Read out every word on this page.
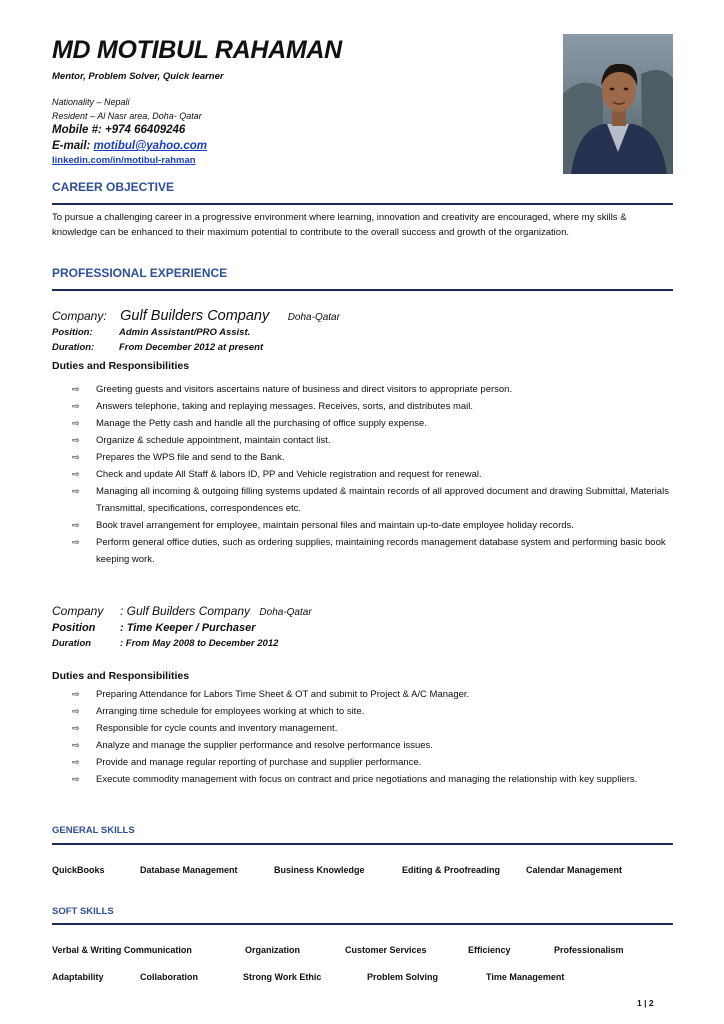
MD MOTIBUL RAHAMAN
Mentor, Problem Solver, Quick learner
Nationality – Nepali
Resident – Al Nasr area, Doha- Qatar
Mobile #: +974 66409246
E-mail: motibul@yahoo.com
linkedin.com/in/motibul-rahman
CAREER OBJECTIVE
To pursue a challenging career in a progressive environment where learning, innovation and creativity are encouraged, where my skills & knowledge can be enhanced to their maximum potential to contribute to the overall success and growth of the organization.
PROFESSIONAL EXPERIENCE
Company: Gulf Builders Company Doha-Qatar
Position:	Admin Assistant/PRO Assist.
Duration:	From December 2012 at present
Duties and Responsibilities
⇨ Greeting guests and visitors ascertains nature of business and direct visitors to appropriate person.
⇨ Answers telephone, taking and replaying messages. Receives, sorts, and distributes mail.
⇨ Manage the Petty cash and handle all the purchasing of office supply expense.
⇨ Organize & schedule appointment, maintain contact list.
⇨ Prepares the WPS file and send to the Bank.
⇨ Check and update All Staff & labors ID, PP and Vehicle registration and request for renewal.
⇨ Managing all incoming & outgoing filling systems updated & maintain records of all approved document and drawing Submittal, Materials Transmittal, specifications, correspondences etc.
⇨ Book travel arrangement for employee, maintain personal files and maintain up-to-date employee holiday records.
⇨ Perform general office duties, such as ordering supplies, maintaining records management database system and performing basic book keeping work.
Company : Gulf Builders Company Doha-Qatar
Position : Time Keeper / Purchaser
Duration	: From May 2008 to December 2012
Duties and Responsibilities
⇨ Preparing Attendance for Labors Time Sheet & OT and submit to Project & A/C Manager.
⇨ Arranging time schedule for employees working at which to site.
⇨ Responsible for cycle counts and inventory management.
⇨ Analyze and manage the supplier performance and resolve performance issues.
⇨ Provide and manage regular reporting of purchase and supplier performance.
⇨ Execute commodity management with focus on contract and price negotiations and managing the relationship with key suppliers.
GENERAL SKILLS
QuickBooks	Database Management	Business Knowledge	Editing & Proofreading	Calendar Management
SOFT SKILLS
Verbal & Writing Communication	Organization	Customer Services	Efficiency	Professionalism
Adaptability	Collaboration	Strong Work Ethic	Problem Solving	Time Management
1 | 2
